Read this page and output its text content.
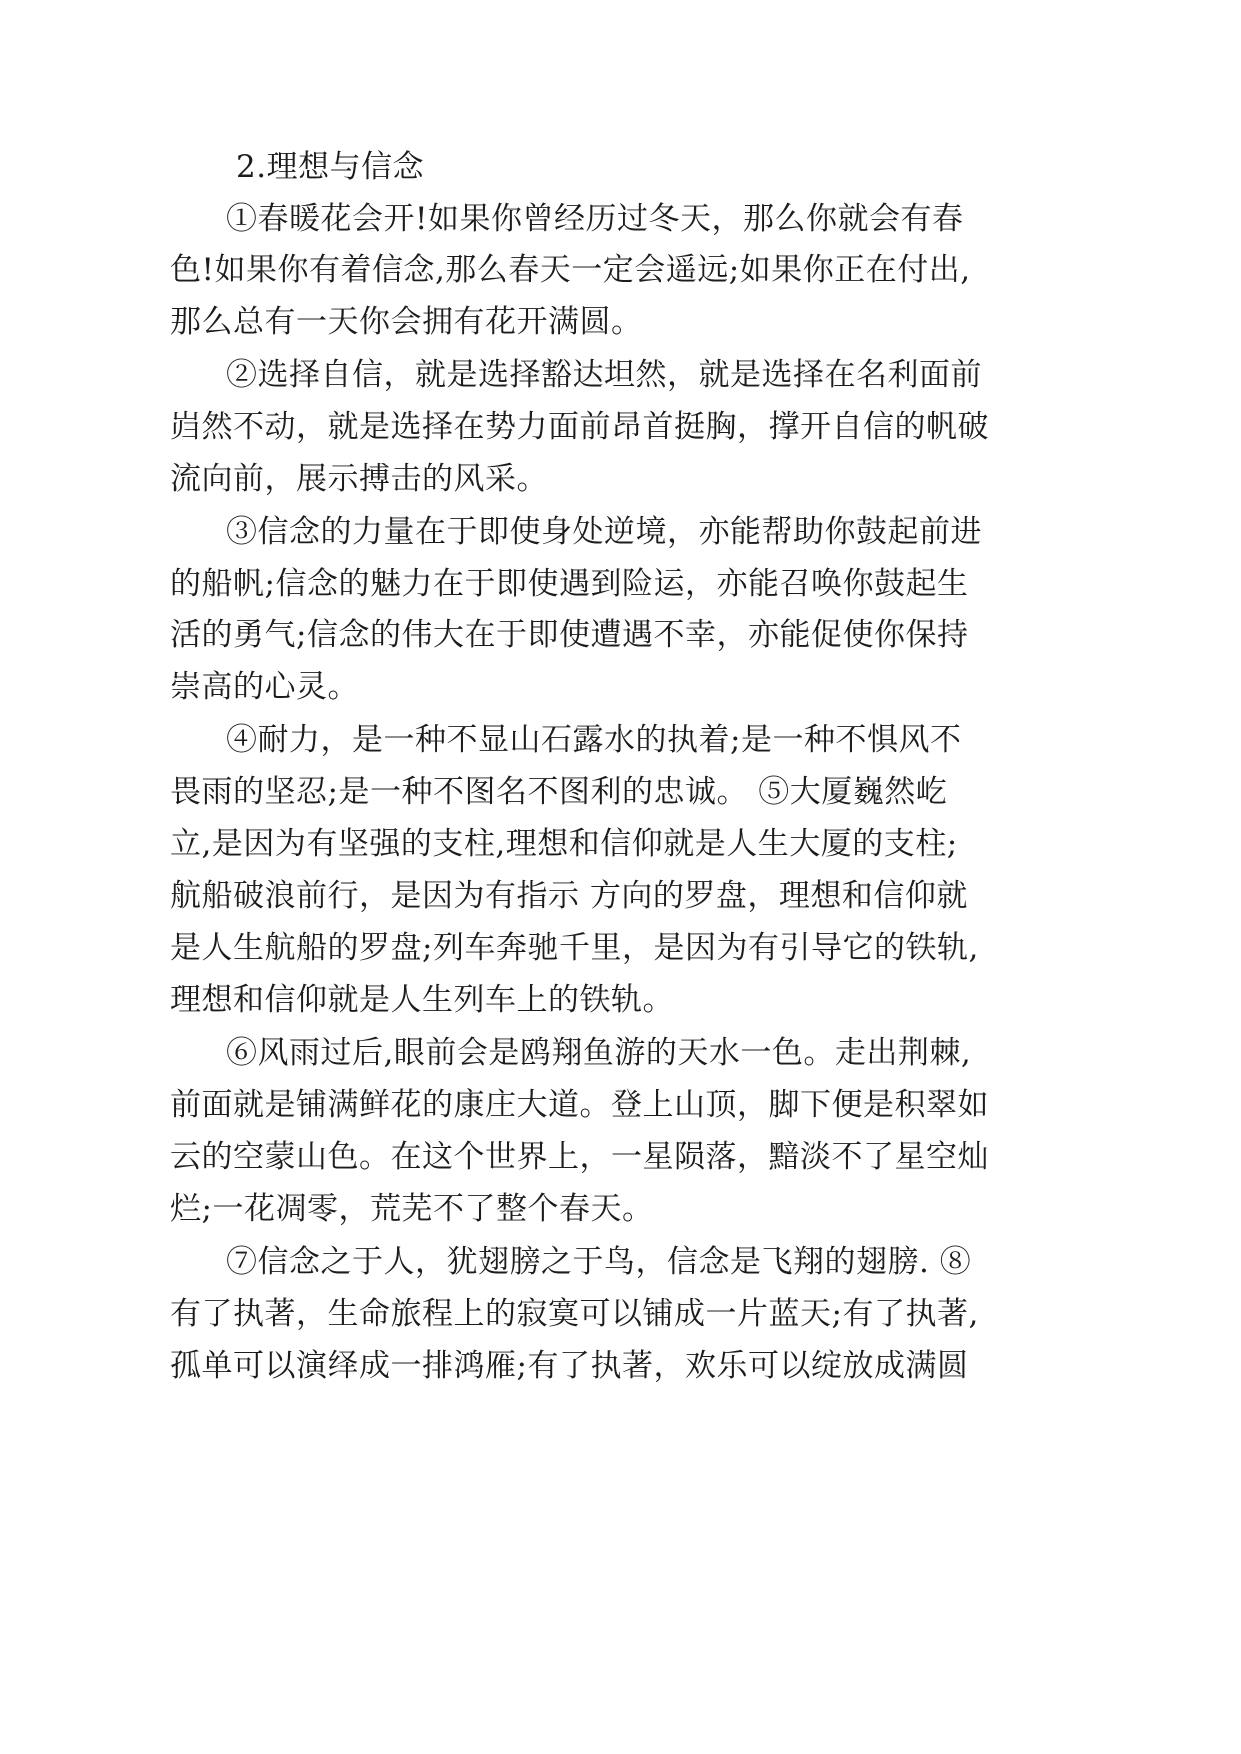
2.理想与信念
①春暖花会开!如果你曾经历过冬天，那么你就会有春
色!如果你有着信念,那么春天一定会遥远;如果你正在付出,
那么总有一天你会拥有花开满圆。
②选择自信，就是选择豁达坦然，就是选择在名利面前
岿然不动，就是选择在势力面前昂首挺胸，撑开自信的帆破
流向前，展示搏击的风采。
③信念的力量在于即使身处逆境，亦能帮助你鼓起前进
的船帆;信念的魅力在于即使遇到险运，亦能召唤你鼓起生
活的勇气;信念的伟大在于即使遭遇不幸，亦能促使你保持
崇高的心灵。
④耐力，是一种不显山石露水的执着;是一种不惧风不
畏雨的坚忍;是一种不图名不图利的忠诚。 ⑤大厦巍然屹
立,是因为有坚强的支柱,理想和信仰就是人生大厦的支柱;
航船破浪前行，是因为有指示 方向的罗盘，理想和信仰就
是人生航船的罗盘;列车奔驰千里，是因为有引导它的铁轨,
理想和信仰就是人生列车上的铁轨。
⑥风雨过后,眼前会是鸥翔鱼游的天水一色。走出荆棘,
前面就是铺满鲜花的康庄大道。登上山顶，脚下便是积翠如
云的空蒙山色。在这个世界上，一星陨落，黯淡不了星空灿
烂;一花凋零，荒芜不了整个春天。
⑦信念之于人，犹翅膀之于鸟，信念是飞翔的翅膀. ⑧
有了执著，生命旅程上的寂寞可以铺成一片蓝天;有了执著,
孤单可以演绎成一排鸿雁;有了执著，欢乐可以绽放成满圆
